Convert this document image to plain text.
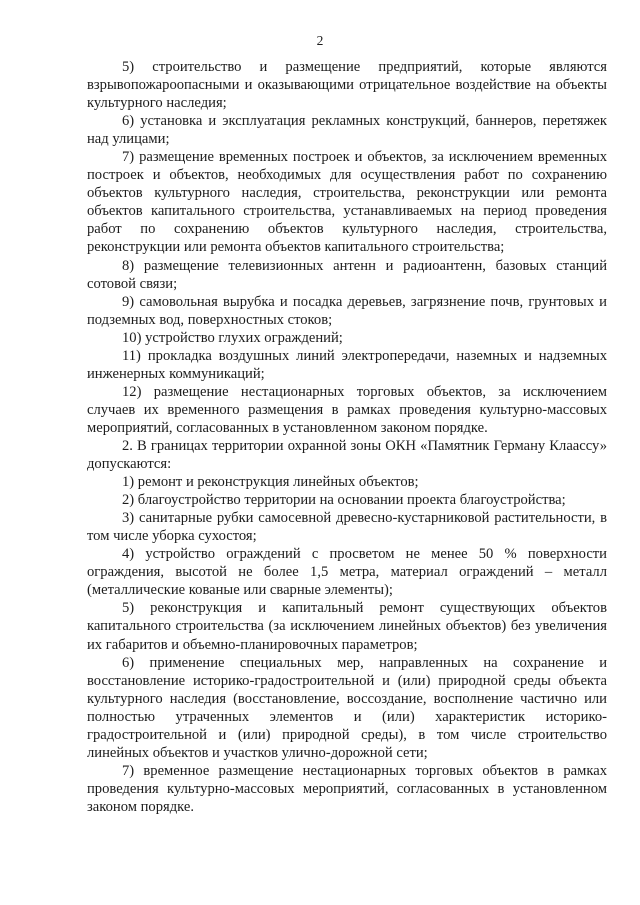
2

5) строительство и размещение предприятий, которые являются взрывопожароопасными и оказывающими отрицательное воздействие на объекты культурного наследия;

6) установка и эксплуатация рекламных конструкций, баннеров, перетяжек над улицами;

7) размещение временных построек и объектов, за исключением временных построек и объектов, необходимых для осуществления работ по сохранению объектов культурного наследия, строительства, реконструкции или ремонта объектов капитального строительства, устанавливаемых на период проведения работ по сохранению объектов культурного наследия, строительства, реконструкции или ремонта объектов капитального строительства;

8) размещение телевизионных антенн и радиоантенн, базовых станций сотовой связи;

9) самовольная вырубка и посадка деревьев, загрязнение почв, грунтовых и подземных вод, поверхностных стоков;

10) устройство глухих ограждений;

11) прокладка воздушных линий электропередачи, наземных и надземных инженерных коммуникаций;

12) размещение нестационарных торговых объектов, за исключением случаев их временного размещения в рамках проведения культурно-массовых мероприятий, согласованных в установленном законом порядке.

2. В границах территории охранной зоны ОКН «Памятник Герману Клаассу» допускаются:

1) ремонт и реконструкция линейных объектов;

2) благоустройство территории на основании проекта благоустройства;

3) санитарные рубки самосевной древесно-кустарниковой растительности, в том числе уборка сухостоя;

4) устройство ограждений с просветом не менее 50 % поверхности ограждения, высотой не более 1,5 метра, материал ограждений – металл (металлические кованые или сварные элементы);

5) реконструкция и капитальный ремонт существующих объектов капитального строительства (за исключением линейных объектов) без увеличения их габаритов и объемно-планировочных параметров;

6) применение специальных мер, направленных на сохранение и восстановление историко-градостроительной и (или) природной среды объекта культурного наследия (восстановление, воссоздание, восполнение частично или полностью утраченных элементов и (или) характеристик историко-градостроительной и (или) природной среды), в том числе строительство линейных объектов и участков улично-дорожной сети;

7) временное размещение нестационарных торговых объектов в рамках проведения культурно-массовых мероприятий, согласованных в установленном законом порядке.
